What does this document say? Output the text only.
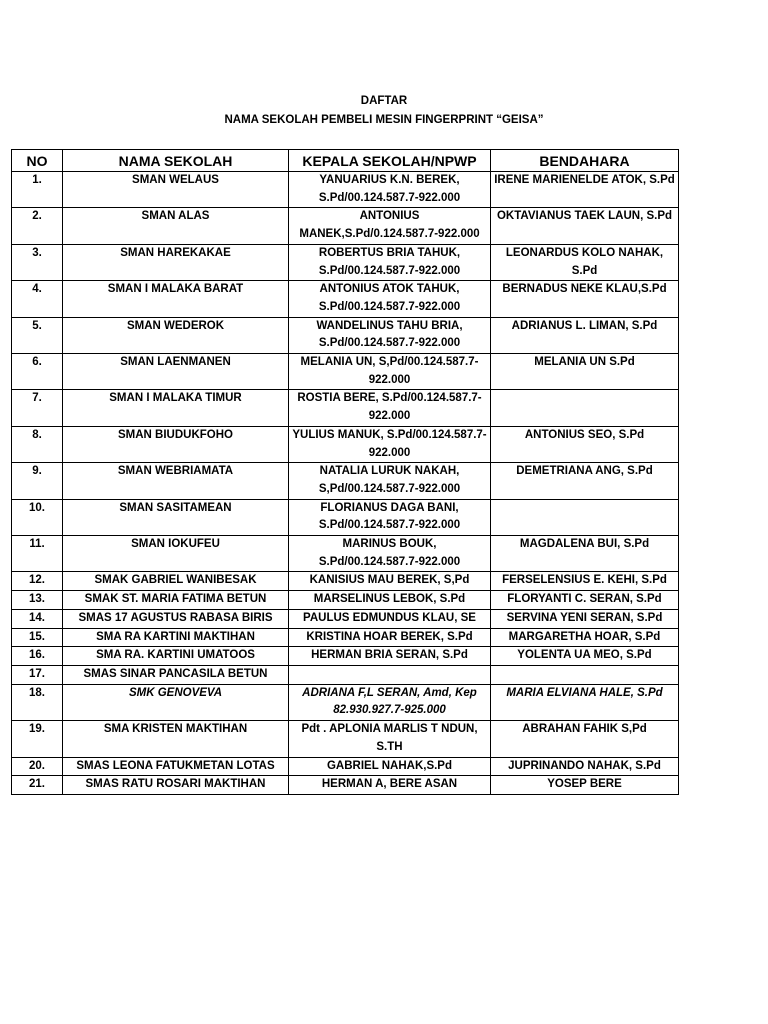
DAFTAR
NAMA SEKOLAH PEMBELI MESIN FINGERPRINT “GEISA”
NO	NAMA SEKOLAH	KEPALA SEKOLAH/NPWP	BENDAHARA
1.	SMAN WELAUS	YANUARIUS K.N. BEREK, S.Pd/00.124.587.7-922.000	IRENE MARIENELDE ATOK, S.Pd
2.	SMAN ALAS	ANTONIUS MANEK,S.Pd/0.124.587.7-922.000	OKTAVIANUS TAEK LAUN, S.Pd
3.	SMAN HAREKAKAE	ROBERTUS BRIA TAHUK, S.Pd/00.124.587.7-922.000	LEONARDUS KOLO NAHAK, S.Pd
4.	SMAN I MALAKA BARAT	ANTONIUS ATOK TAHUK, S.Pd/00.124.587.7-922.000	BERNADUS NEKE KLAU,S.Pd
5.	SMAN WEDEROK	WANDELINUS TAHU BRIA, S.Pd/00.124.587.7-922.000	ADRIANUS L. LIMAN, S.Pd
6.	SMAN LAENMANEN	MELANIA UN, S,Pd/00.124.587.7-922.000	MELANIA UN S.Pd
7.	SMAN I MALAKA TIMUR	ROSTIA BERE, S.Pd/00.124.587.7-922.000	
8.	SMAN BIUDUKFOHO	YULIUS MANUK, S.Pd/00.124.587.7-922.000	ANTONIUS SEO, S.Pd
9.	SMAN WEBRIAMATA	NATALIA LURUK NAKAH, S,Pd/00.124.587.7-922.000	DEMETRIANA ANG, S.Pd
10.	SMAN SASITAMEAN	FLORIANUS DAGA BANI, S.Pd/00.124.587.7-922.000	
11.	SMAN IOKUFEU	MARINUS BOUK, S.Pd/00.124.587.7-922.000	MAGDALENA BUI, S.Pd
12.	SMAK GABRIEL WANIBESAK	KANISIUS MAU BEREK, S,Pd	FERSELENSIUS E. KEHI, S.Pd
13.	SMAK ST. MARIA FATIMA BETUN	MARSELINUS LEBOK, S.Pd	FLORYANTI C. SERAN, S.Pd
14.	SMAS 17 AGUSTUS RABASA BIRIS	PAULUS EDMUNDUS KLAU, SE	SERVINA YENI SERAN, S.Pd
15.	SMA RA KARTINI MAKTIHAN	KRISTINA HOAR BEREK, S.Pd	MARGARETHA HOAR, S.Pd
16.	SMA RA. KARTINI UMATOOS	HERMAN BRIA SERAN, S.Pd	YOLENTA UA MEO, S.Pd
17.	SMAS SINAR PANCASILA BETUN		
18.	SMK GENOVEVA	ADRIANA F,L SERAN, Amd, Kep 82.930.927.7-925.000	MARIA ELVIANA HALE, S.Pd
19.	SMA KRISTEN MAKTIHAN	Pdt . APLONIA MARLIS T NDUN, S.TH	ABRAHAN FAHIK S,Pd
20.	SMAS LEONA FATUKMETAN LOTAS	GABRIEL NAHAK,S.Pd	JUPRINANDO NAHAK, S.Pd
21.	SMAS RATU ROSARI MAKTIHAN	HERMAN A, BERE ASAN	YOSEP BERE
